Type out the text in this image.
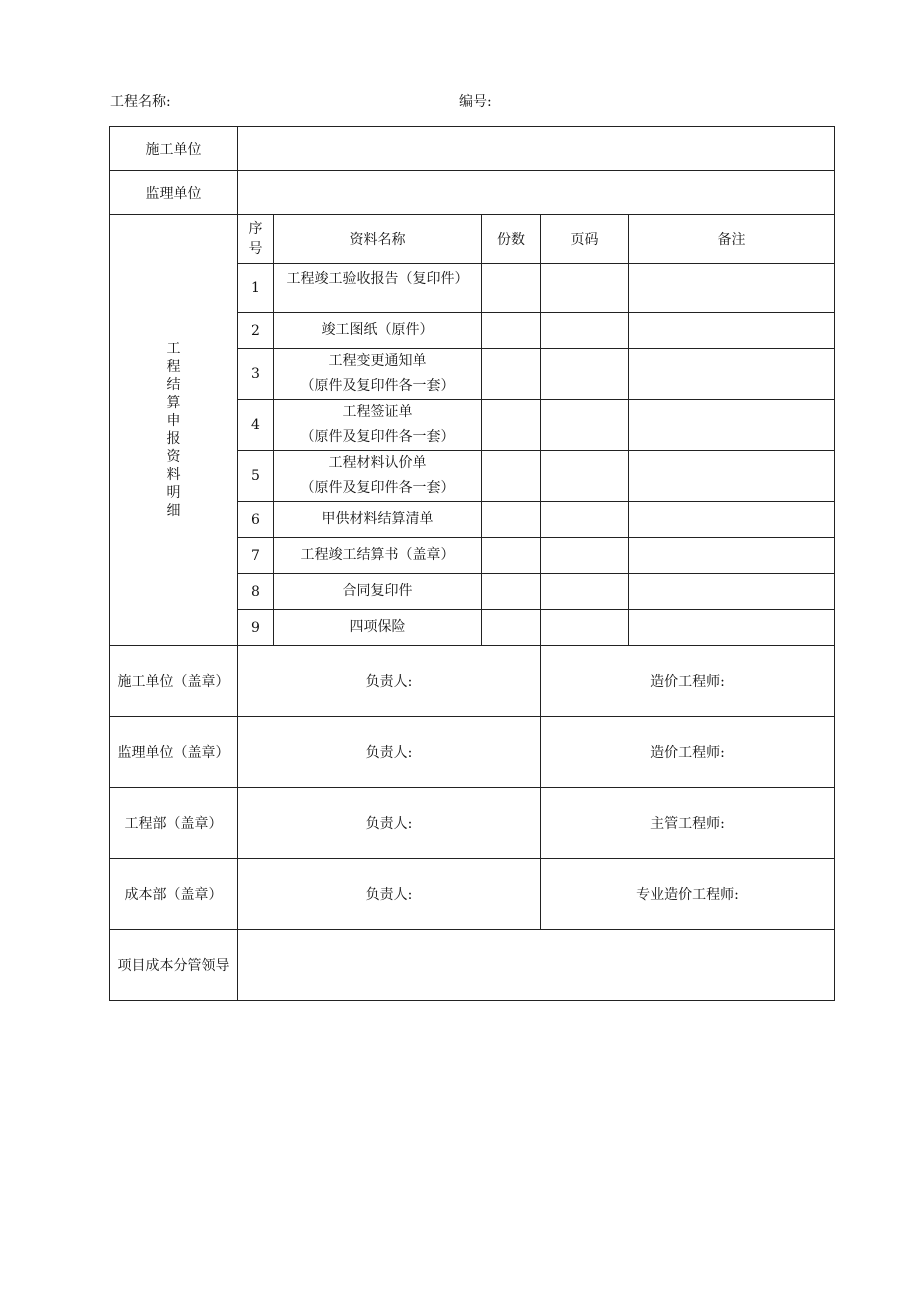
工程名称:	编号:
施工单位					
监理单位					
工程结算申报资料明细	序号	资料名称	份数	页码	备注
	1	工程竣工验收报告（复印件）			

	2	竣工图纸（原件）			

	3	工程变更通知单
（原件及复印件各一套）			

	4	工程签证单
（原件及复印件各一套）			

	5	工程材料认价单
（原件及复印件各一套）			

	6	甲供材料结算清单			

	7	工程竣工结算书（盖章）			

	8	合同复印件			

	9	四项保险			

施工单位（盖章）	负责人:			造价工程师:	
监理单位（盖章）	负责人:			造价工程师:	
工程部（盖章）	负责人:			主管工程师:	
成本部（盖章）	负责人:			专业造价工程师:	
项目成本分管领导					
